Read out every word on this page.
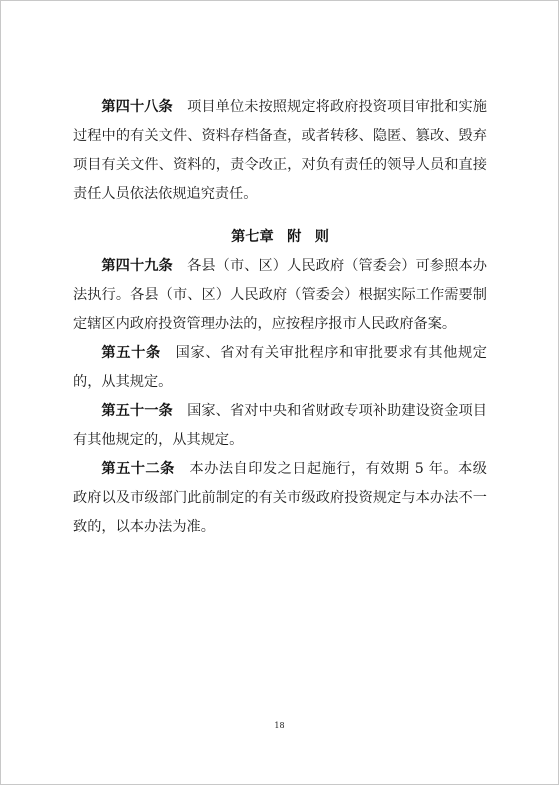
第四十八条 项目单位未按照规定将政府投资项目审批和实施过程中的有关文件、资料存档备查，或者转移、隐匿、篡改、毁弃项目有关文件、资料的，责令改正，对负有责任的领导人员和直接责任人员依法依规追究责任。

第七章 附 则

第四十九条 各县（市、区）人民政府（管委会）可参照本办法执行。各县（市、区）人民政府（管委会）根据实际工作需要制定辖区内政府投资管理办法的，应按程序报市人民政府备案。

第五十条 国家、省对有关审批程序和审批要求有其他规定的，从其规定。

第五十一条 国家、省对中央和省财政专项补助建设资金项目有其他规定的，从其规定。

第五十二条 本办法自印发之日起施行，有效期 5 年。本级政府以及市级部门此前制定的有关市级政府投资规定与本办法不一致的，以本办法为准。

18
